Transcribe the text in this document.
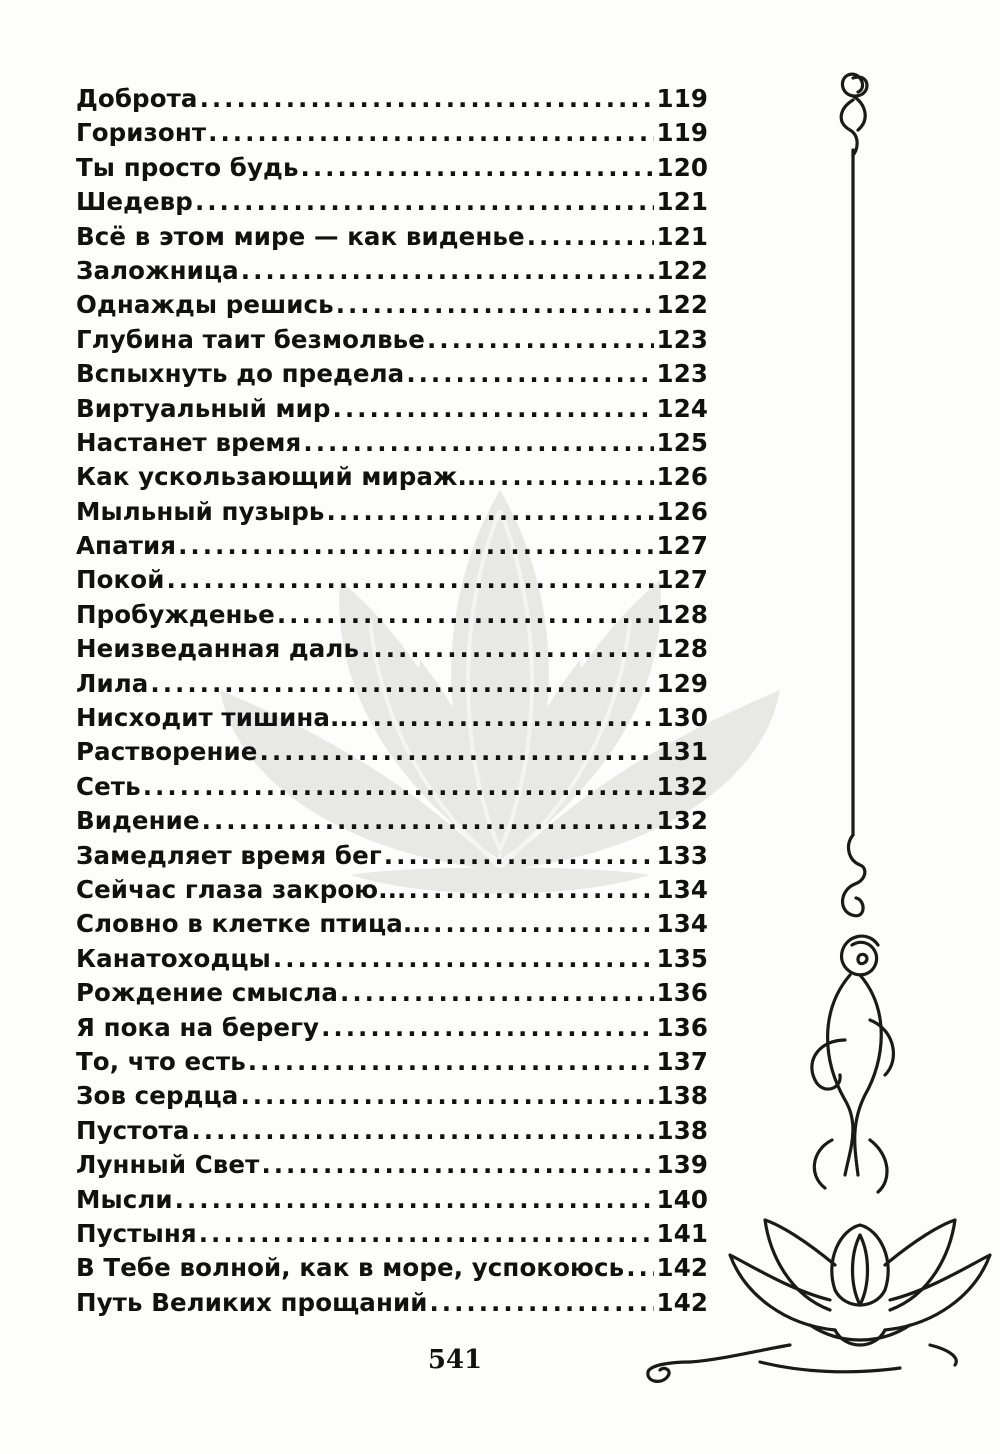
Доброта .....	119
Горизонт .....	119
Ты просто будь .....	120
Шедевр .....	121
Всё в этом мире — как виденье .....	121
Заложница .....	122
Однажды решись .....	122
Глубина таит безмолвье .....	123
Вспыхнуть до предела .....	123
Виртуальный мир .....	124
Настанет время .....	125
Как ускользающий мираж... .....	126
Мыльный пузырь .....	126
Апатия .....	127
Покой .....	127
Пробужденье .....	128
Неизведанная даль .....	128
Лила .....	129
Нисходит тишина... .....	130
Растворение .....	131
Сеть .....	132
Видение .....	132
Замедляет время бег .....	133
Сейчас глаза закрою... .....	134
Словно в клетке птица... .....	134
Канатоходцы .....	135
Рождение смысла .....	136
Я пока на берегу .....	136
То, что есть .....	137
Зов сердца .....	138
Пустота .....	138
Лунный Свет .....	139
Мысли .....	140
Пустыня .....	141
В Тебе волной, как в море, успокоюсь ..... 142
Путь Великих прощаний .....	142
541
